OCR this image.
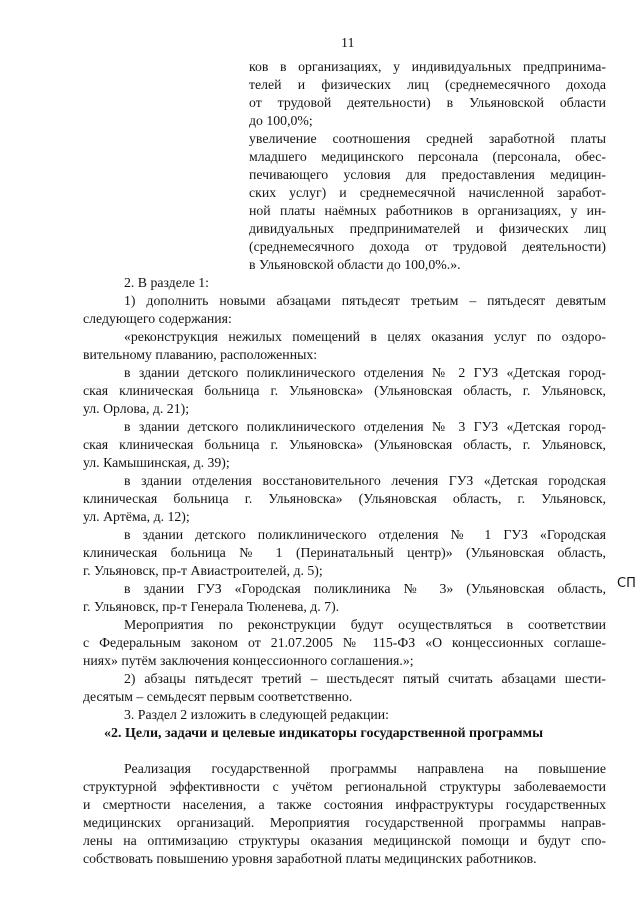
11
ков в организациях, у индивидуальных предпринима-
телей и физических лиц (среднемесячного дохода
от трудовой деятельности) в Ульяновской области
до 100,0%;
увеличение соотношения средней заработной платы
младшего медицинского персонала (персонала, обес-
печивающего условия для предоставления медицин-
ских услуг) и среднемесячной начисленной заработ-
ной платы наёмных работников в организациях, у ин-
дивидуальных предпринимателей и физических лиц
(среднемесячного дохода от трудовой деятельности)
в Ульяновской области до 100,0%.».
2. В разделе 1:
1) дополнить новыми абзацами пятьдесят третьим – пятьдесят девятым
следующего содержания:
«реконструкция нежилых помещений в целях оказания услуг по оздоро-
вительному плаванию, расположенных:
в здании детского поликлинического отделения № 2 ГУЗ «Детская город-
ская клиническая больница г. Ульяновска» (Ульяновская область, г. Ульяновск,
ул. Орлова, д. 21);
в здании детского поликлинического отделения № 3 ГУЗ «Детская город-
ская клиническая больница г. Ульяновска» (Ульяновская область, г. Ульяновск,
ул. Камышинская, д. 39);
в здании отделения восстановительного лечения ГУЗ «Детская городская
клиническая больница г. Ульяновска» (Ульяновская область, г. Ульяновск,
ул. Артёма, д. 12);
в здании детского поликлинического отделения № 1 ГУЗ «Городская
клиническая больница № 1 (Перинатальный центр)» (Ульяновская область,
г. Ульяновск, пр-т Авиастроителей, д. 5);
в здании ГУЗ «Городская поликлиника № 3» (Ульяновская область,
г. Ульяновск, пр-т Генерала Тюленева, д. 7).
Мероприятия по реконструкции будут осуществляться в соответствии
с Федеральным законом от 21.07.2005 № 115-ФЗ «О концессионных соглаше-
ниях» путём заключения концессионного соглашения.»;
2) абзацы пятьдесят третий – шестьдесят пятый считать абзацами шести-
десятым – семьдесят первым соответственно.
3. Раздел 2 изложить в следующей редакции:
«2. Цели, задачи и целевые индикаторы государственной программы
Реализация государственной программы направлена на повышение
структурной эффективности с учётом региональной структуры заболеваемости
и смертности населения, а также состояния инфраструктуры государственных
медицинских организаций. Мероприятия государственной программы направ-
лены на оптимизацию структуры оказания медицинской помощи и будут спо-
собствовать повышению уровня заработной платы медицинских работников.
СП
